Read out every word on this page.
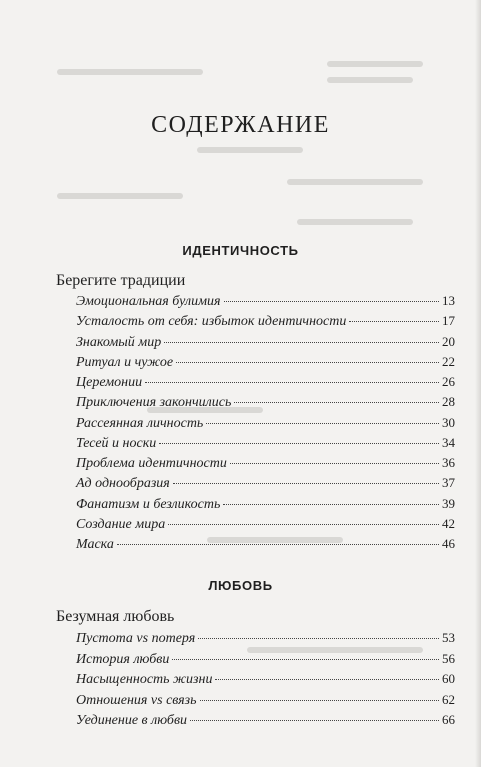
СОДЕРЖАНИЕ
ИДЕНТИЧНОСТЬ
Берегите традиции
ЛЮБОВЬ
Безумная любовь
Эмоциональная булимия	13
Усталость от себя: избыток идентичности	17
Знакомый мир	20
Ритуал и чужое	22
Церемонии	26
Приключения закончились	28
Рассеянная личность	30
Тесей и носки	34
Проблема идентичности	36
Ад однообразия	37
Фанатизм и безликость	39
Создание мира	42
Маска	46
Пустота vs потеря	53
История любви	56
Насыщенность жизни	60
Отношения vs связь	62
Уединение в любви	66
